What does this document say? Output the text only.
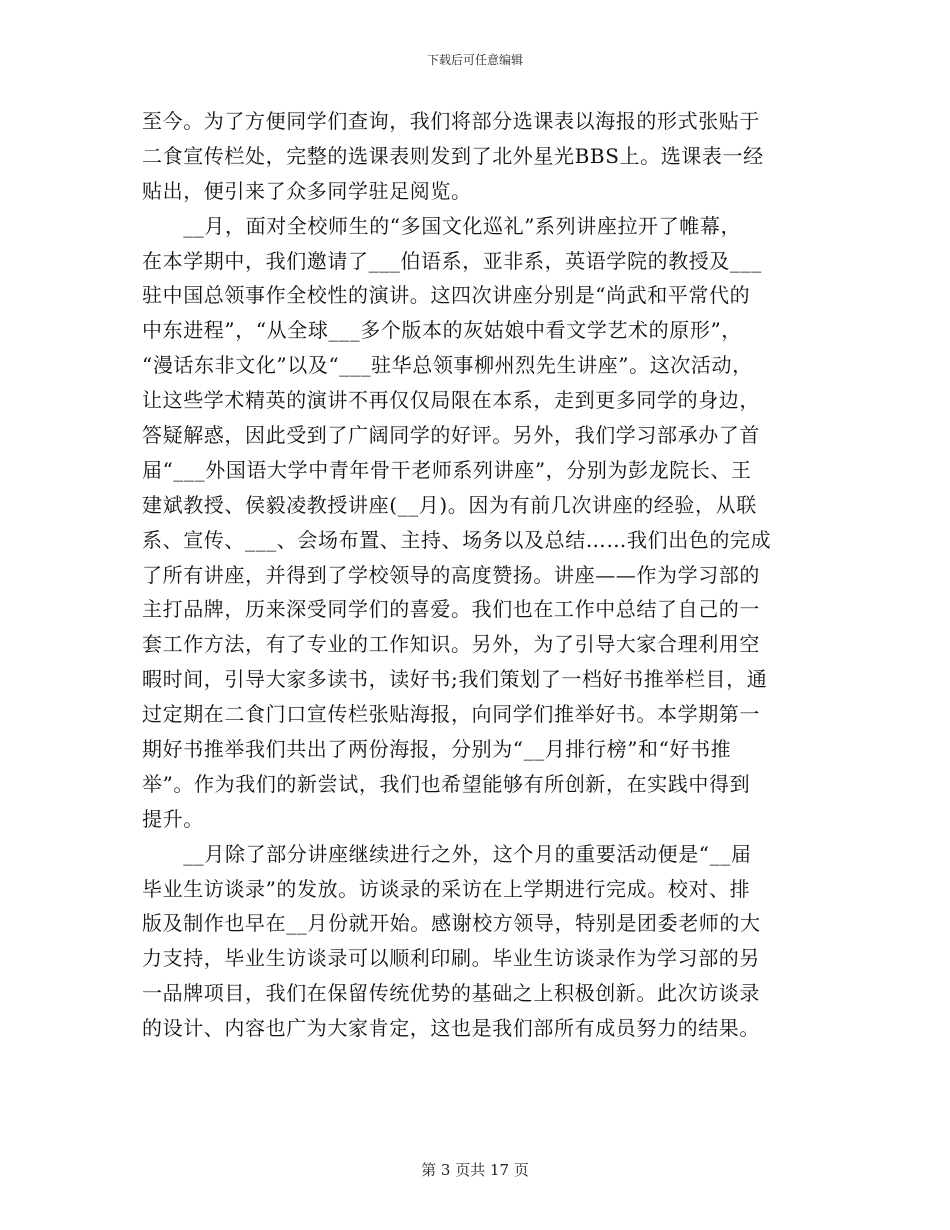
下载后可任意编辑
至今。为了方便同学们查询，我们将部分选课表以海报的形式张贴于
二食宣传栏处，完整的选课表则发到了北外星光BBS上。选课表一经
贴出，便引来了众多同学驻足阅览。
　　__月，面对全校师生的“多国文化巡礼”系列讲座拉开了帷幕，
在本学期中，我们邀请了___伯语系，亚非系，英语学院的教授及___
驻中国总领事作全校性的演讲。这四次讲座分别是“尚武和平常代的
中东进程”，“从全球___多个版本的灰姑娘中看文学艺术的原形”，
“漫话东非文化”以及“___驻华总领事柳州烈先生讲座”。这次活动，
让这些学术精英的演讲不再仅仅局限在本系，走到更多同学的身边，
答疑解惑，因此受到了广阔同学的好评。另外，我们学习部承办了首
届“___外国语大学中青年骨干老师系列讲座”，分别为彭龙院长、王
建斌教授、侯毅凌教授讲座(__月)。因为有前几次讲座的经验，从联
系、宣传、___、会场布置、主持、场务以及总结……我们出色的完成
了所有讲座，并得到了学校领导的高度赞扬。讲座——作为学习部的
主打品牌，历来深受同学们的喜爱。我们也在工作中总结了自己的一
套工作方法，有了专业的工作知识。另外，为了引导大家合理利用空
暇时间，引导大家多读书，读好书;我们策划了一档好书推举栏目，通
过定期在二食门口宣传栏张贴海报，向同学们推举好书。本学期第一
期好书推举我们共出了两份海报，分别为“__月排行榜”和“好书推
举”。作为我们的新尝试，我们也希望能够有所创新，在实践中得到
提升。
　　__月除了部分讲座继续进行之外，这个月的重要活动便是“__届
毕业生访谈录”的发放。访谈录的采访在上学期进行完成。校对、排
版及制作也早在__月份就开始。感谢校方领导，特别是团委老师的大
力支持，毕业生访谈录可以顺利印刷。毕业生访谈录作为学习部的另
一品牌项目，我们在保留传统优势的基础之上积极创新。此次访谈录
的设计、内容也广为大家肯定，这也是我们部所有成员努力的结果。
第 3 页共 17 页
